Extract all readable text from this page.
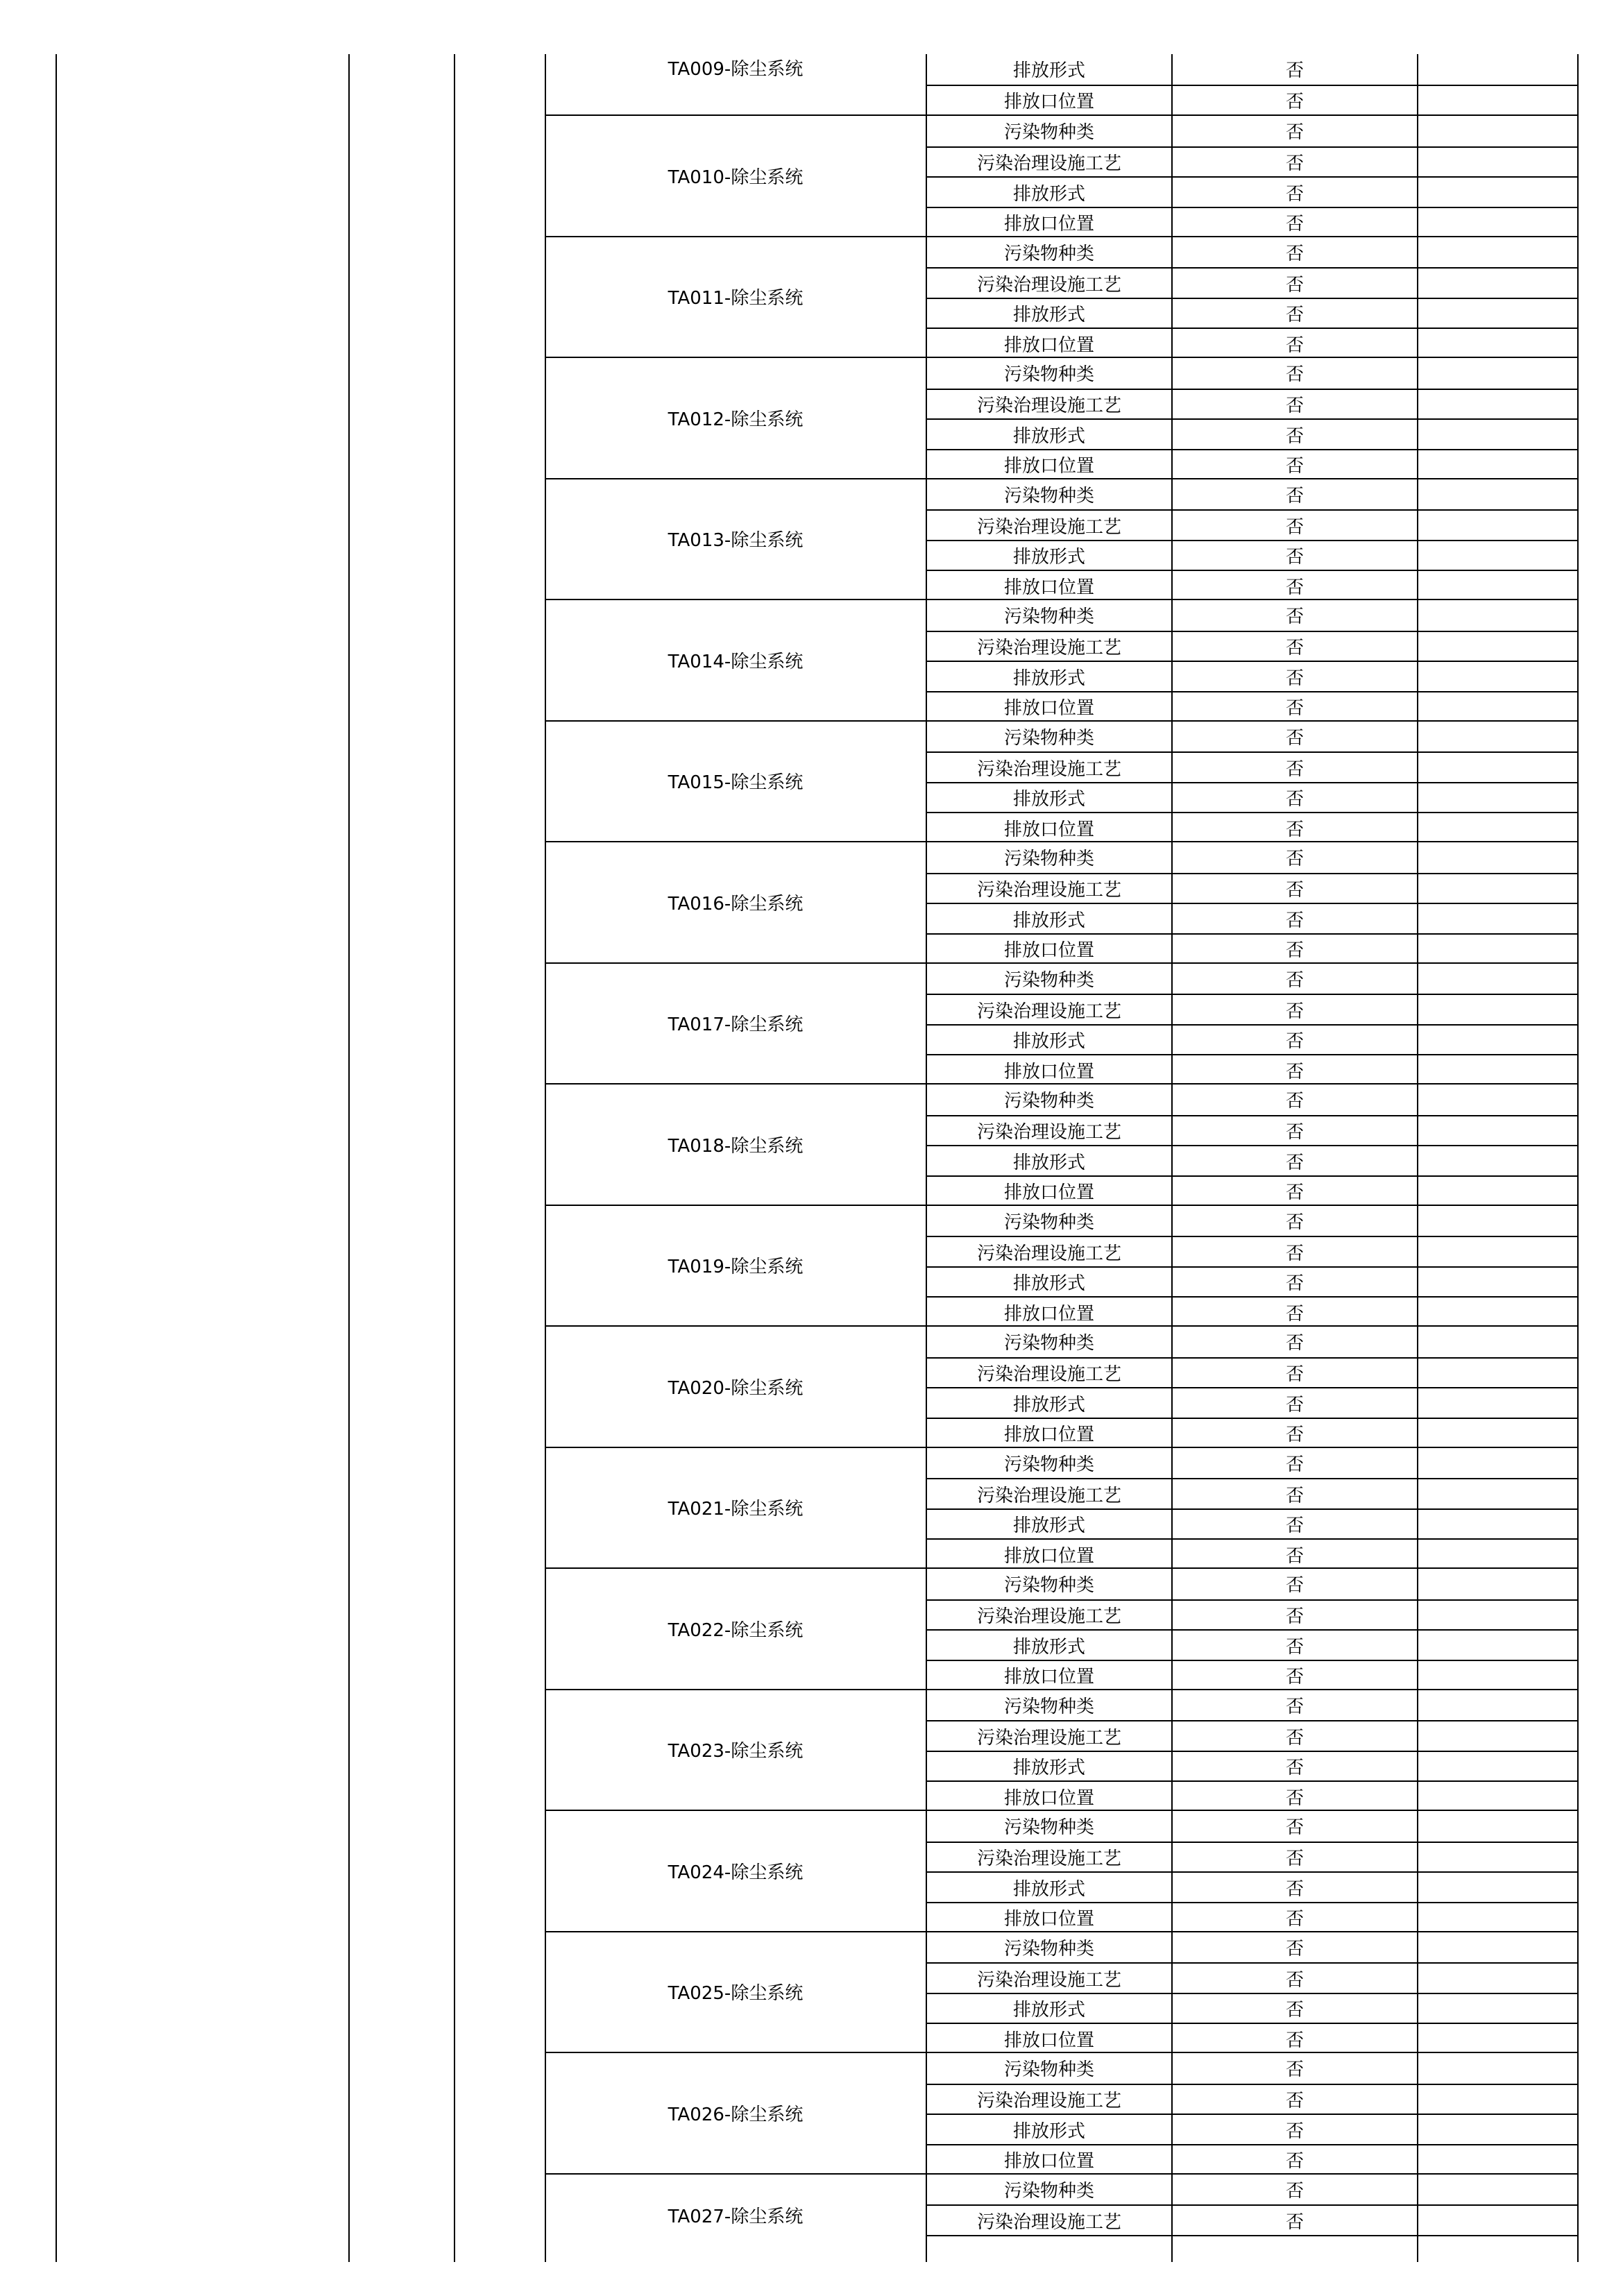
TA009-除尘系统	排放形式	否
排放口位置	否
TA010-除尘系统
污染物种类	否
污染治理设施工艺	否
排放形式	否
排放口位置	否
TA011-除尘系统
污染物种类	否
污染治理设施工艺	否
排放形式	否
排放口位置	否
TA012-除尘系统
污染物种类	否
污染治理设施工艺	否
排放形式	否
排放口位置	否
TA013-除尘系统
污染物种类	否
污染治理设施工艺	否
排放形式	否
排放口位置	否
TA014-除尘系统
污染物种类	否
污染治理设施工艺	否
排放形式	否
排放口位置	否
TA015-除尘系统
污染物种类	否
污染治理设施工艺	否
排放形式	否
排放口位置	否
TA016-除尘系统
污染物种类	否
污染治理设施工艺	否
排放形式	否
排放口位置	否
TA017-除尘系统
污染物种类	否
污染治理设施工艺	否
排放形式	否
排放口位置	否
TA018-除尘系统
污染物种类	否
污染治理设施工艺	否
排放形式	否
排放口位置	否
TA019-除尘系统
污染物种类	否
污染治理设施工艺	否
排放形式	否
排放口位置	否
TA020-除尘系统
污染物种类	否
污染治理设施工艺	否
排放形式	否
排放口位置	否
TA021-除尘系统
污染物种类	否
污染治理设施工艺	否
排放形式	否
排放口位置	否
TA022-除尘系统
污染物种类	否
污染治理设施工艺	否
排放形式	否
排放口位置	否
TA023-除尘系统
污染物种类	否
污染治理设施工艺	否
排放形式	否
排放口位置	否
TA024-除尘系统
污染物种类	否
污染治理设施工艺	否
排放形式	否
排放口位置	否
TA025-除尘系统
污染物种类	否
污染治理设施工艺	否
排放形式	否
排放口位置	否
TA026-除尘系统
污染物种类	否
污染治理设施工艺	否
排放形式	否
排放口位置	否
TA027-除尘系统
污染物种类	否
污染治理设施工艺	否
